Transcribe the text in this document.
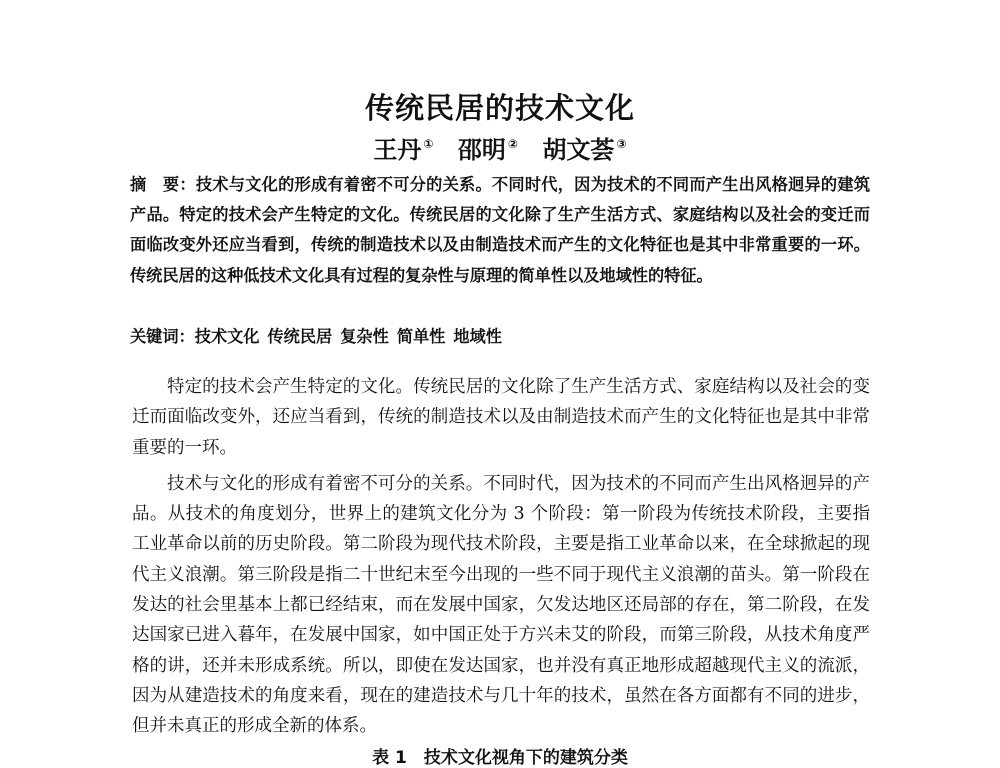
传统民居的技术文化
王丹 ① 邵明 ② 胡文荟 ③

摘　要：技术与文化的形成有着密不可分的关系。不同时代，因为技术的不同而产生出风格迥异的建筑产品。特定的技术会产生特定的文化。传统民居的文化除了生产生活方式、家庭结构以及社会的变迁而面临改变外还应当看到，传统的制造技术以及由制造技术而产生的文化特征也是其中非常重要的一环。传统民居的这种低技术文化具有过程的复杂性与原理的简单性以及地域性的特征。

关键词：技术文化 传统民居 复杂性 简单性 地域性

特定的技术会产生特定的文化。传统民居的文化除了生产生活方式、家庭结构以及社会的变迁而面临改变外，还应当看到，传统的制造技术以及由制造技术而产生的文化特征也是其中非常重要的一环。

技术与文化的形成有着密不可分的关系。不同时代，因为技术的不同而产生出风格迥异的产品。从技术的角度划分，世界上的建筑文化分为 3 个阶段：第一阶段为传统技术阶段，主要指工业革命以前的历史阶段。第二阶段为现代技术阶段，主要是指工业革命以来，在全球掀起的现代主义浪潮。第三阶段是指二十世纪末至今出现的一些不同于现代主义浪潮的苗头。第一阶段在发达的社会里基本上都已经结束，而在发展中国家，欠发达地区还局部的存在，第二阶段，在发达国家已进入暮年，在发展中国家，如中国正处于方兴未艾的阶段，而第三阶段，从技术角度严格的讲，还并未形成系统。所以，即使在发达国家，也并没有真正地形成超越现代主义的流派，因为从建造技术的角度来看，现在的建造技术与几十年的技术，虽然在各方面都有不同的进步，但并未真正的形成全新的体系。

表 1　技术文化视角下的建筑分类
